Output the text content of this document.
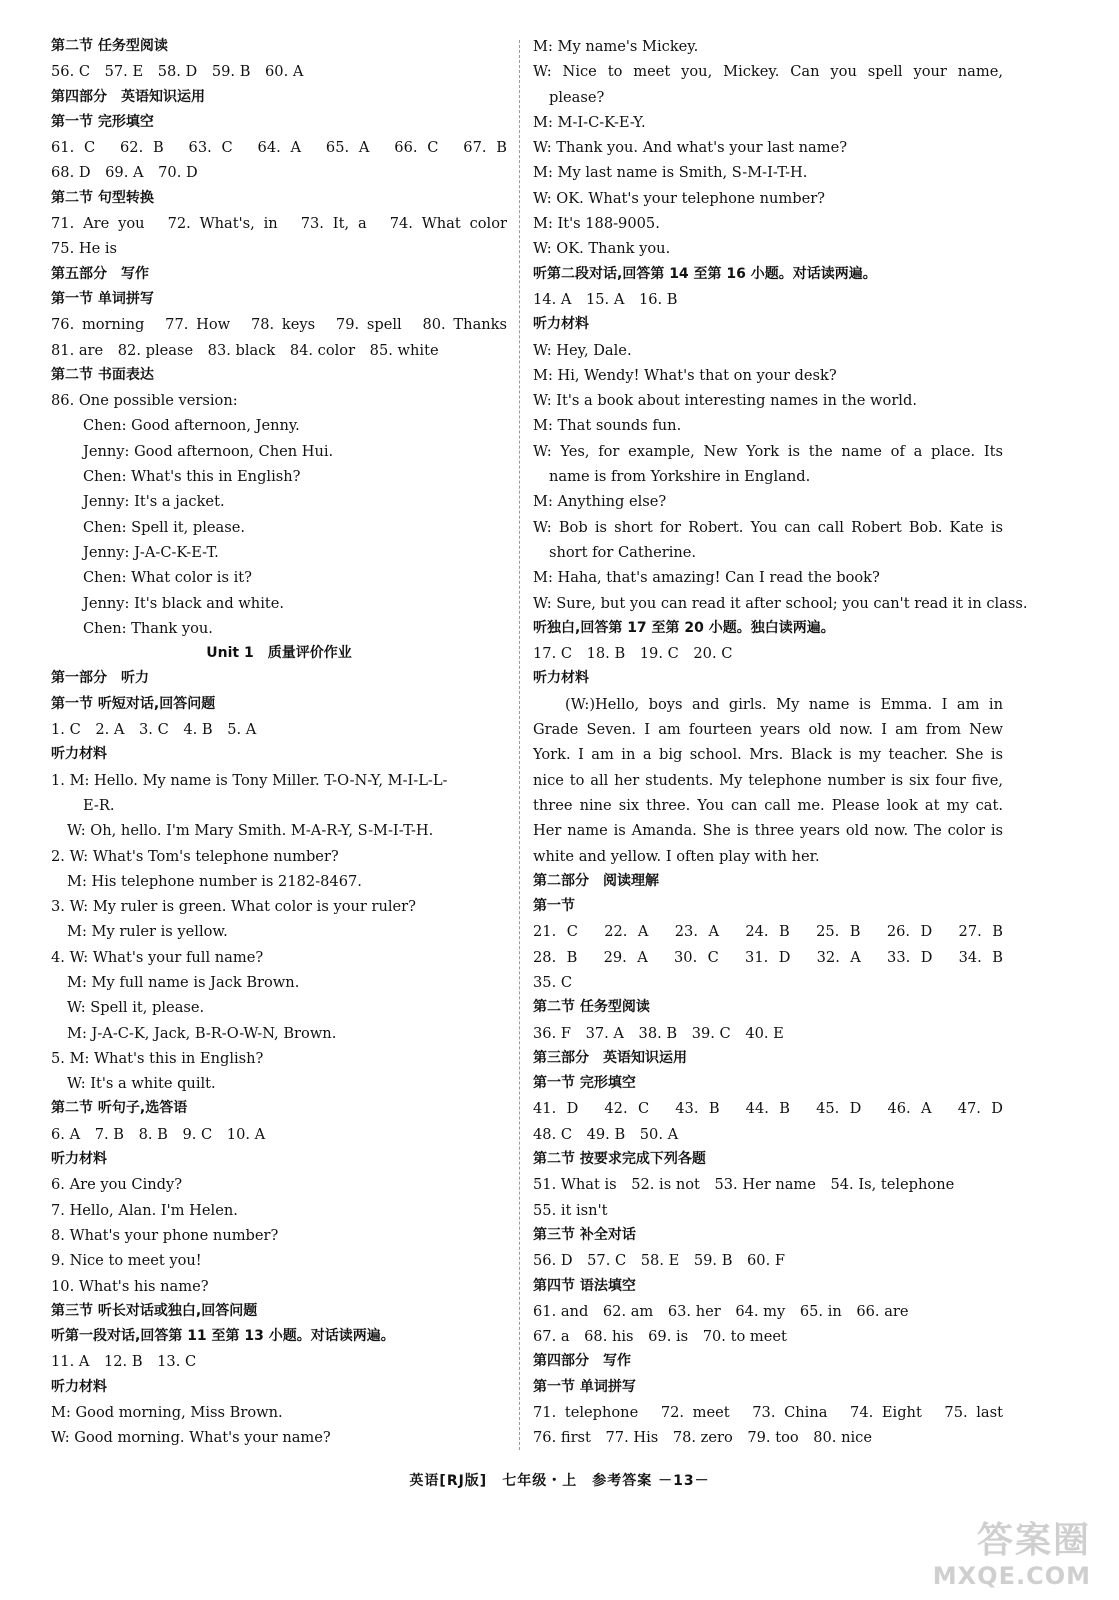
第二节 任务型阅读
56. C　57. E　58. D　59. B　60. A
第四部分　英语知识运用
第一节 完形填空
61. C　62. B　63. C　64. A　65. A　66. C　67. B
68. D　69. A　70. D
第二节 句型转换
71. Are you　72. What's, in　73. It, a　74. What color
75. He is
第五部分　写作
第一节 单词拼写
76. morning　77. How　78. keys　79. spell　80. Thanks
81. are　82. please　83. black　84. color　85. white
第二节 书面表达
86. One possible version:
Chen: Good afternoon, Jenny.
Jenny: Good afternoon, Chen Hui.
Chen: What's this in English?
Jenny: It's a jacket.
Chen: Spell it, please.
Jenny: J-A-C-K-E-T.
Chen: What color is it?
Jenny: It's black and white.
Chen: Thank you.
Unit 1　质量评价作业
第一部分　听力
第一节 听短对话,回答问题
1. C　2. A　3. C　4. B　5. A
听力材料
1. M: Hello. My name is Tony Miller. T-O-N-Y, M-I-L-L-
E-R.
W: Oh, hello. I'm Mary Smith. M-A-R-Y, S-M-I-T-H.
2. W: What's Tom's telephone number?
M: His telephone number is 2182-8467.
3. W: My ruler is green. What color is your ruler?
M: My ruler is yellow.
4. W: What's your full name?
M: My full name is Jack Brown.
W: Spell it, please.
M: J-A-C-K, Jack, B-R-O-W-N, Brown.
5. M: What's this in English?
W: It's a white quilt.
第二节 听句子,选答语
6. A　7. B　8. B　9. C　10. A
听力材料
6. Are you Cindy?
7. Hello, Alan. I'm Helen.
8. What's your phone number?
9. Nice to meet you!
10. What's his name?
第三节 听长对话或独白,回答问题
听第一段对话,回答第 11 至第 13 小题。对话读两遍。
11. A　12. B　13. C
听力材料
M: Good morning, Miss Brown.
W: Good morning. What's your name?
M: My name's Mickey.
W: Nice to meet you, Mickey. Can you spell your name,
please?
M: M-I-C-K-E-Y.
W: Thank you. And what's your last name?
M: My last name is Smith, S-M-I-T-H.
W: OK. What's your telephone number?
M: It's 188-9005.
W: OK. Thank you.
听第二段对话,回答第 14 至第 16 小题。对话读两遍。
14. A　15. A　16. B
听力材料
W: Hey, Dale.
M: Hi, Wendy! What's that on your desk?
W: It's a book about interesting names in the world.
M: That sounds fun.
W: Yes, for example, New York is the name of a place. Its
name is from Yorkshire in England.
M: Anything else?
W: Bob is short for Robert. You can call Robert Bob. Kate is
short for Catherine.
M: Haha, that's amazing! Can I read the book?
W: Sure, but you can read it after school; you can't read it in class.
听独白,回答第 17 至第 20 小题。独白读两遍。
17. C　18. B　19. C　20. C
听力材料
(W:)Hello, boys and girls. My name is Emma. I am in
Grade Seven. I am fourteen years old now. I am from New
York. I am in a big school. Mrs. Black is my teacher. She is
nice to all her students. My telephone number is six four five,
three nine six three. You can call me. Please look at my cat.
Her name is Amanda. She is three years old now. The color is
white and yellow. I often play with her.
第二部分　阅读理解
第一节
21. C　22. A　23. A　24. B　25. B　26. D　27. B
28. B　29. A　30. C　31. D　32. A　33. D　34. B
35. C
第二节 任务型阅读
36. F　37. A　38. B　39. C　40. E
第三部分　英语知识运用
第一节 完形填空
41. D　42. C　43. B　44. B　45. D　46. A　47. D
48. C　49. B　50. A
第二节 按要求完成下列各题
51. What is　52. is not　53. Her name　54. Is, telephone
55. it isn't
第三节 补全对话
56. D　57. C　58. E　59. B　60. F
第四节 语法填空
61. and　62. am　63. her　64. my　65. in　66. are
67. a　68. his　69. is　70. to meet
第四部分　写作
第一节 单词拼写
71. telephone　72. meet　73. China　74. Eight　75. last
76. first　77. His　78. zero　79. too　80. nice
英语[RJ版]　七年级・上　参考答案 －13－
答案圈
MXQE.COM
